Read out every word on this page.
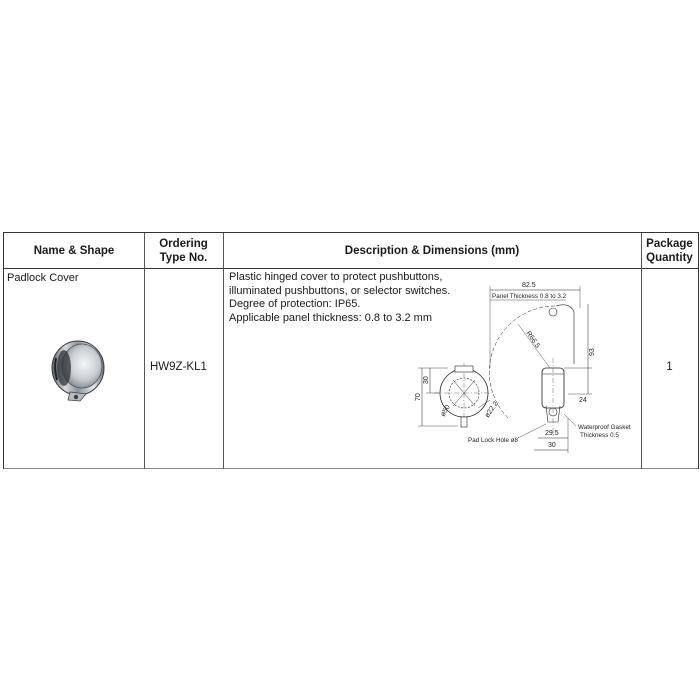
Name & Shape
Ordering
Type No.
Description & Dimensions (mm)
Package
Quantity
Padlock Cover
HW9Z-KL1
Plastic hinged cover to protect pushbuttons,
illuminated pushbuttons, or selector switches.
Degree of protection: IP65.
Applicable panel thickness: 0.8 to 3.2 mm
1
70
30
ø50	ø22.2
82.5
Panel Thickness 0.8 to 3.2
R66.5
93
24
29.5
30
Pad Lock Hole ø8
Waterproof Gasket
Thickness 0.5
